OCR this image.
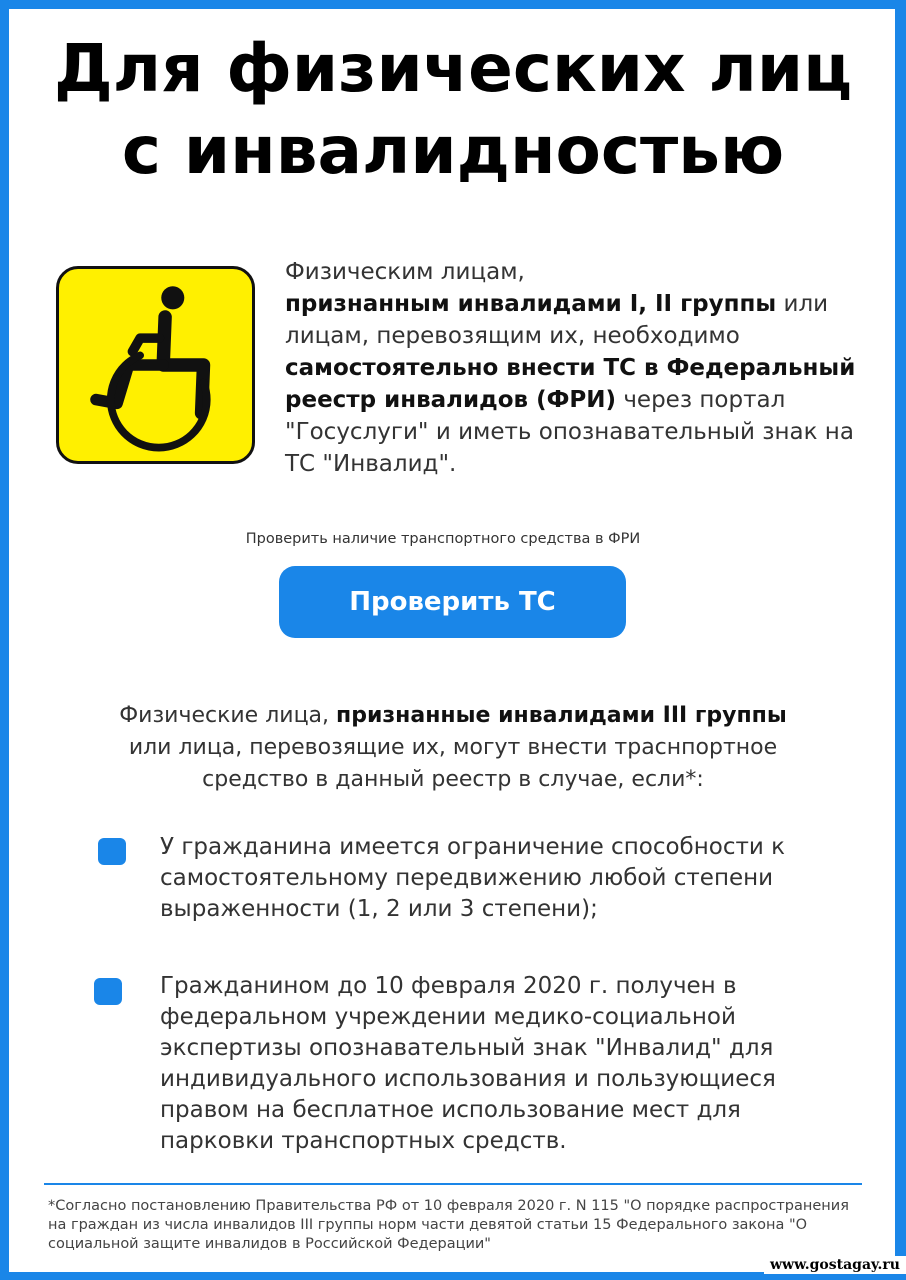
Для физических лиц
с инвалидностью
Физическим лицам,
признанным инвалидами I, II группы или лицам, перевозящим их, необходимо самостоятельно внести ТС в Федеральный реестр инвалидов (ФРИ) через портал "Госуслуги" и иметь опознавательный знак на ТС "Инвалид".
Проверить наличие транспортного средства в ФРИ
Проверить ТС
Физические лица, признанные инвалидами III группы
или лица, перевозящие их, могут внести траснпортное средство в данный реестр в случае, если*:
У гражданина имеется ограничение способности к самостоятельному передвижению любой степени выраженности (1, 2 или 3 степени);
Гражданином до 10 февраля 2020 г. получен в федеральном учреждении медико-социальной экспертизы опознавательный знак "Инвалид" для индивидуального использования и пользующиеся правом на бесплатное использование мест для парковки транспортных средств.
*Согласно постановлению Правительства РФ от 10 февраля 2020 г. N 115 "О порядке распространения на граждан из числа инвалидов III группы норм части девятой статьи 15 Федерального закона "О социальной защите инвалидов в Российской Федерации"
www.gostagay.ru
